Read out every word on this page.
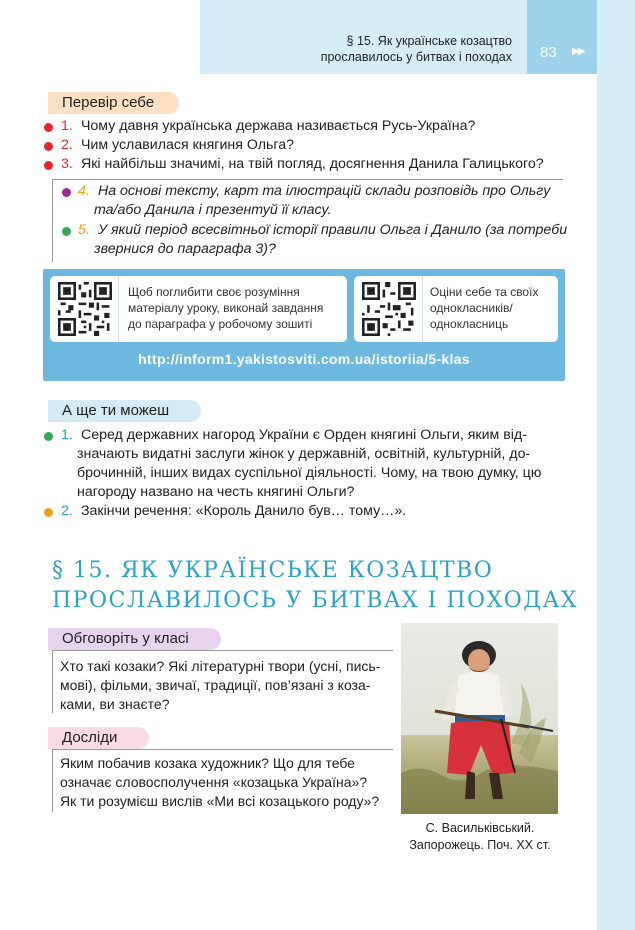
§ 15. Як українське козацтво
прославилось у битвах і походах 83 ▶▶
Перевір себе
1. Чому давня українська держава називається Русь-Україна?
2. Чим уславилася княгиня Ольга?
3. Які найбільш значимі, на твій погляд, досягнення Данила Галицького?
4. На основі тексту, карт та ілюстрацій склади розповідь про Ольгу
та/або Данила і презентуй її класу.
5. У який період всесвітньої історії правили Ольга і Данило (за потреби
звернися до параграфа 3)?
Щоб поглибити своє розуміння
матеріалу уроку, виконай завдання
до параграфа у робочому зошиті
Оціни себе та своїх
однокласників/
однокласниць
http://inform1.yakistosviti.com.ua/istoriia/5-klas
А ще ти можеш
1. Серед державних нагород України є Орден княгині Ольги, яким від-
значають видатні заслуги жінок у державній, освітній, культурній, до-
брочинній, інших видах суспільної діяльності. Чому, на твою думку, цю
нагороду названо на честь княгині Ольги?
2. Закінчи речення: «Король Данило був… тому…».
§ 15. ЯК УКРАЇНСЬКЕ КОЗАЦТВО
ПРОСЛАВИЛОСЬ У БИТВАХ І ПОХОДАХ
Обговоріть у класі
Хто такі козаки? Які літературні твори (усні, пись-
мові), фільми, звичаї, традиції, пов’язані з коза-
ками, ви знаєте?
Досліди
Яким побачив козака художник? Що для тебе
означає словосполучення «козацька Україна»?
Як ти розумієш вислів «Ми всі козацького роду»?
С. Васильківський.
Запорожець. Поч. XX ст.
